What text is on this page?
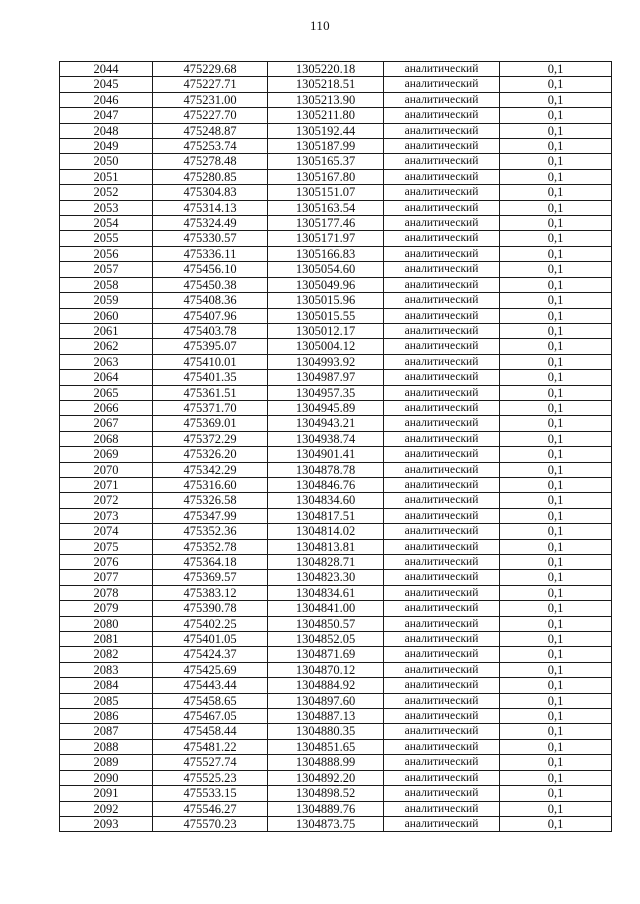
110
2044	475229.68	1305220.18	аналитический	0,1
2045	475227.71	1305218.51	аналитический	0,1
2046	475231.00	1305213.90	аналитический	0,1
2047	475227.70	1305211.80	аналитический	0,1
2048	475248.87	1305192.44	аналитический	0,1
2049	475253.74	1305187.99	аналитический	0,1
2050	475278.48	1305165.37	аналитический	0,1
2051	475280.85	1305167.80	аналитический	0,1
2052	475304.83	1305151.07	аналитический	0,1
2053	475314.13	1305163.54	аналитический	0,1
2054	475324.49	1305177.46	аналитический	0,1
2055	475330.57	1305171.97	аналитический	0,1
2056	475336.11	1305166.83	аналитический	0,1
2057	475456.10	1305054.60	аналитический	0,1
2058	475450.38	1305049.96	аналитический	0,1
2059	475408.36	1305015.96	аналитический	0,1
2060	475407.96	1305015.55	аналитический	0,1
2061	475403.78	1305012.17	аналитический	0,1
2062	475395.07	1305004.12	аналитический	0,1
2063	475410.01	1304993.92	аналитический	0,1
2064	475401.35	1304987.97	аналитический	0,1
2065	475361.51	1304957.35	аналитический	0,1
2066	475371.70	1304945.89	аналитический	0,1
2067	475369.01	1304943.21	аналитический	0,1
2068	475372.29	1304938.74	аналитический	0,1
2069	475326.20	1304901.41	аналитический	0,1
2070	475342.29	1304878.78	аналитический	0,1
2071	475316.60	1304846.76	аналитический	0,1
2072	475326.58	1304834.60	аналитический	0,1
2073	475347.99	1304817.51	аналитический	0,1
2074	475352.36	1304814.02	аналитический	0,1
2075	475352.78	1304813.81	аналитический	0,1
2076	475364.18	1304828.71	аналитический	0,1
2077	475369.57	1304823.30	аналитический	0,1
2078	475383.12	1304834.61	аналитический	0,1
2079	475390.78	1304841.00	аналитический	0,1
2080	475402.25	1304850.57	аналитический	0,1
2081	475401.05	1304852.05	аналитический	0,1
2082	475424.37	1304871.69	аналитический	0,1
2083	475425.69	1304870.12	аналитический	0,1
2084	475443.44	1304884.92	аналитический	0,1
2085	475458.65	1304897.60	аналитический	0,1
2086	475467.05	1304887.13	аналитический	0,1
2087	475458.44	1304880.35	аналитический	0,1
2088	475481.22	1304851.65	аналитический	0,1
2089	475527.74	1304888.99	аналитический	0,1
2090	475525.23	1304892.20	аналитический	0,1
2091	475533.15	1304898.52	аналитический	0,1
2092	475546.27	1304889.76	аналитический	0,1
2093	475570.23	1304873.75	аналитический	0,1
